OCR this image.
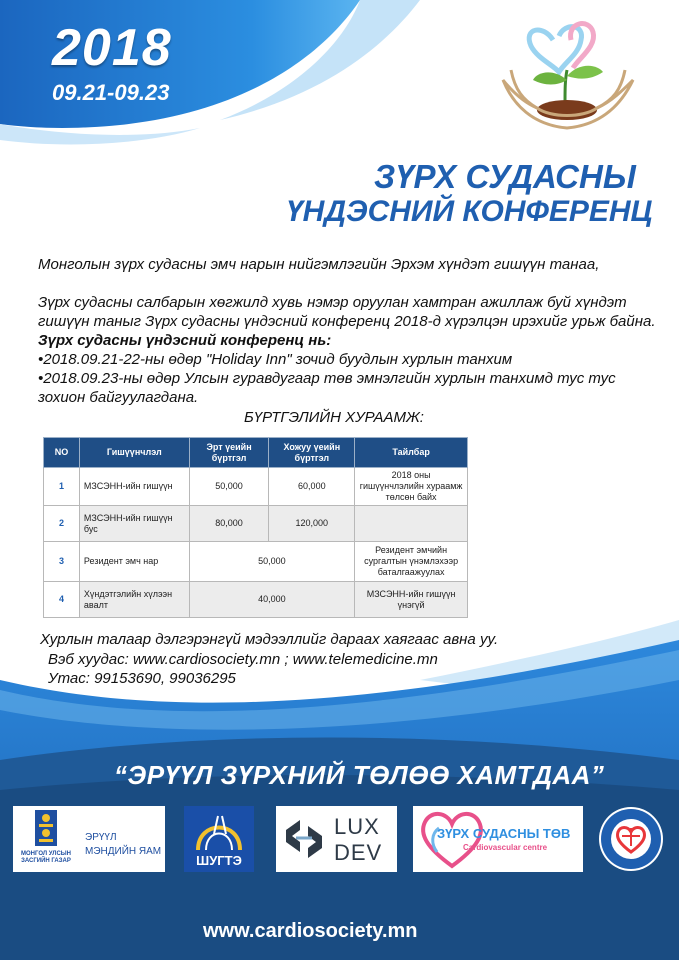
2018
09.21-09.23
ЗҮРХ СУДАСНЫ
ҮНДЭСНИЙ КОНФЕРЕНЦ
Монголын зүрх судасны эмч нарын нийгэмлэгийн Эрхэм хүндэт гишүүн танаа,
Зүрх судасны салбарын хөгжилд хувь нэмэр оруулан хамтран ажиллаж буй хүндэт
гишүүн таныг Зүрх судасны үндэсний конференц 2018-д хүрэлцэн ирэхийг урьж байна.
Зүрх судасны үндэсний конференц нь:
•2018.09.21-22-ны өдөр "Holiday Inn" зочид буудлын хурлын танхим
•2018.09.23-ны өдөр Улсын гуравдугаар төв эмнэлгийн хурлын танхимд тус тус
зохион байгуулагдана.
БҮРТГЭЛИЙН ХУРААМЖ:
NO	Гишүүнчлэл	Эрт үеийн бүртгэл	Хожуу үеийн бүртгэл	Тайлбар
1	МЗСЭНН-ийн гишүүн	50,000	60,000	2018 оны гишүүнчлэлийн хураамж төлсөн байх
2	МЗСЭНН-ийн гишүүн бус	80,000	120,000	
3	Резидент эмч нар	50,000		Резидент эмчийн сургалтын үнэмлэхээр баталгаажуулах
4	Хүндэтгэлийн хүлээн авалт	40,000		МЗСЭНН-ийн гишүүн үнэгүй
Хурлын талаар дэлгэрэнгүй мэдээллийг дараах хаягаас авна уу.
Вэб хуудас: www.cardiosociety.mn ; www.telemedicine.mn
Утас: 99153690, 99036295
“ЭРҮҮЛ ЗҮРХНИЙ ТӨЛӨӨ ХАМТДАА”
МОНГОЛ УЛСЫН ЗАСГИЙН ГАЗАР
ЭРҮҮЛ
МЭНДИЙН ЯАМ
ШУГТЭ
LUX
DEV
ЗҮРХ СУДАСНЫ ТӨВ
Cardiovascular centre
www.cardiosociety.mn
